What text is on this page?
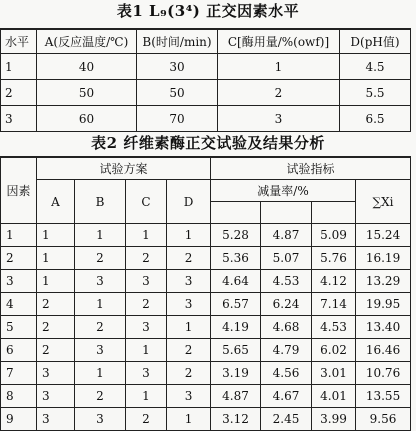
表1 L₉(3⁴) 正交因素水平
水平	A(反应温度/℃)	B(时间/min)	C[酶用量/%(owf)]	D(pH值)
1	40	30	1	4.5
2	50	50	2	5.5
3	60	70	3	6.5
表2 纤维素酶正交试验及结果分析
因素	试验方案				试验指标			
	A	B	C	D	减量率/%			∑Xi

1	1	1	1	1	5.28	4.87	5.09	15.24
2	1	2	2	2	5.36	5.07	5.76	16.19
3	1	3	3	3	4.64	4.53	4.12	13.29
4	2	1	2	3	6.57	6.24	7.14	19.95
5	2	2	3	1	4.19	4.68	4.53	13.40
6	2	3	1	2	5.65	4.79	6.02	16.46
7	3	1	3	2	3.19	4.56	3.01	10.76
8	3	2	1	3	4.87	4.67	4.01	13.55
9	3	3	2	1	3.12	2.45	3.99	9.56
